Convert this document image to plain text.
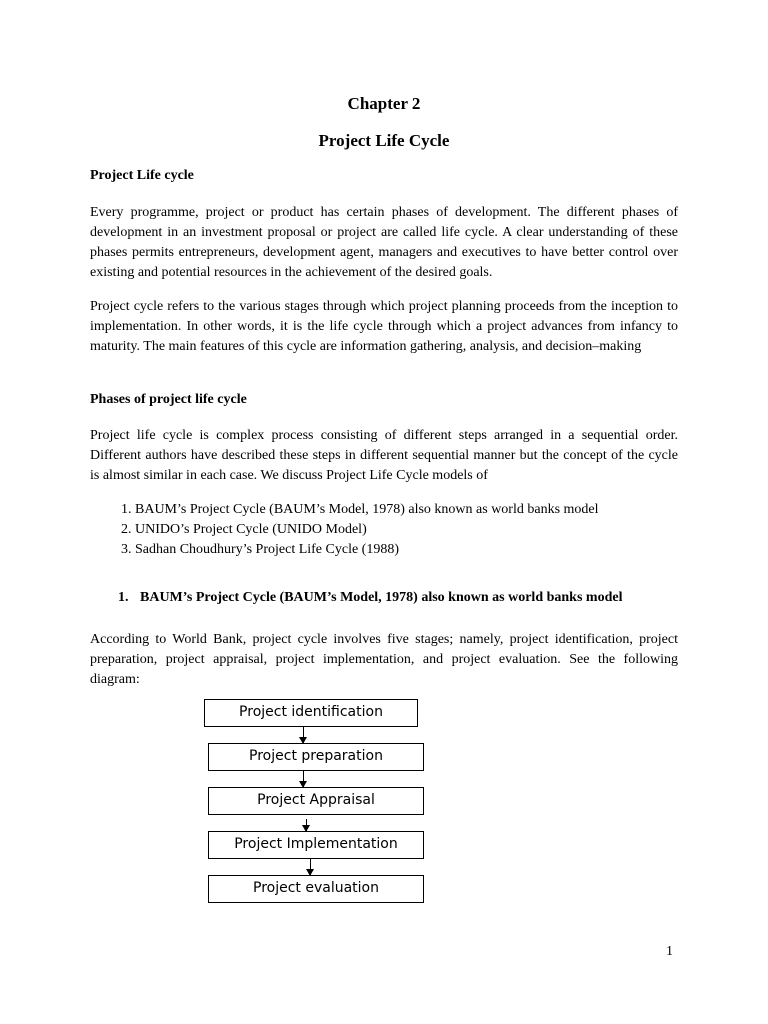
Chapter 2
Project Life Cycle

Project Life cycle

Every programme, project or product has certain phases of development. The different phases of development in an investment proposal or project are called life cycle. A clear understanding of these phases permits entrepreneurs, development agent, managers and executives to have better control over existing and potential resources in the achievement of the desired goals.

Project cycle refers to the various stages through which project planning proceeds from the inception to implementation. In other words, it is the life cycle through which a project advances from infancy to maturity. The main features of this cycle are information gathering, analysis, and decision–making

Phases of project life cycle

Project life cycle is complex process consisting of different steps arranged in a sequential order. Different authors have described these steps in different sequential manner but the concept of the cycle is almost similar in each case. We discuss Project Life Cycle models of

1. BAUM’s Project Cycle (BAUM’s Model, 1978) also known as world banks model
2. UNIDO’s Project Cycle (UNIDO Model)
3. Sadhan Choudhury’s Project Life Cycle (1988)

1. BAUM’s Project Cycle (BAUM’s Model, 1978) also known as world banks model

According to World Bank, project cycle involves five stages; namely, project identification, project preparation, project appraisal, project implementation, and project evaluation. See the following diagram:

Project identification
Project preparation
Project Appraisal
Project Implementation
Project evaluation
1
